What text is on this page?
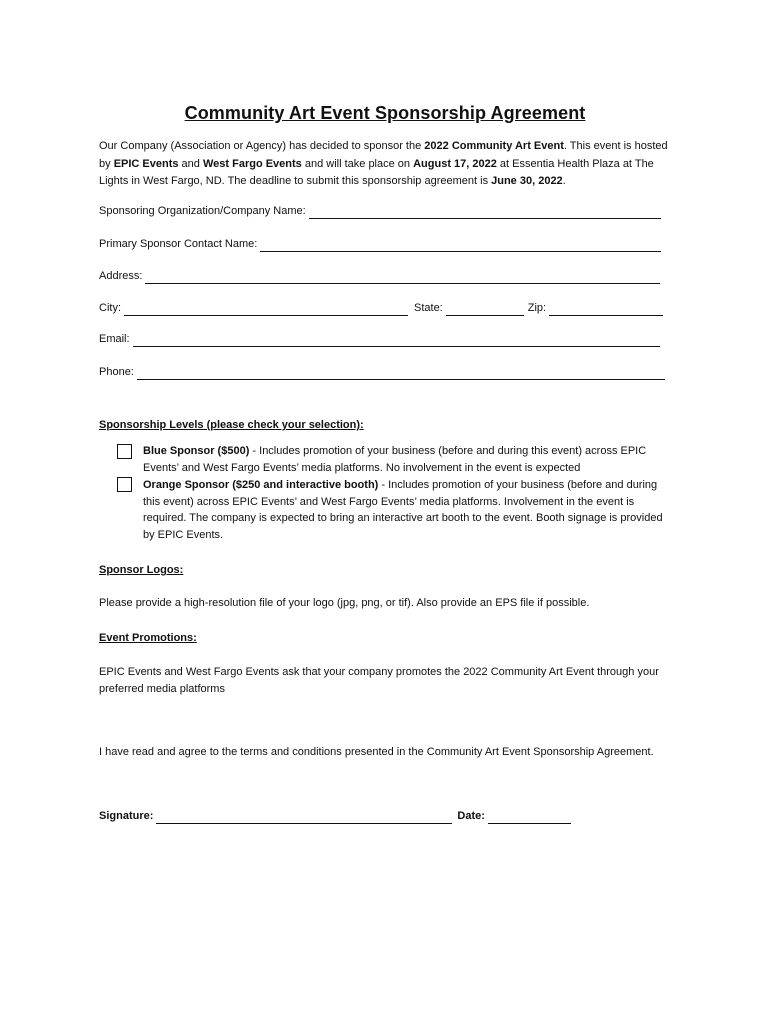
Community Art Event Sponsorship Agreement
Our Company (Association or Agency) has decided to sponsor the 2022 Community Art Event. This event is hosted by EPIC Events and West Fargo Events and will take place on August 17, 2022 at Essentia Health Plaza at The Lights in West Fargo, ND. The deadline to submit this sponsorship agreement is June 30, 2022.
Sponsoring Organization/Company Name:
Primary Sponsor Contact Name:
Address:
City:	State:	Zip:
Email:
Phone:
Sponsorship Levels (please check your selection):
Blue Sponsor ($500) - Includes promotion of your business (before and during this event) across EPIC Events’ and West Fargo Events’ media platforms. No involvement in the event is expected
Orange Sponsor ($250 and interactive booth) - Includes promotion of your business (before and during this event) across EPIC Events’ and West Fargo Events’ media platforms. Involvement in the event is required. The company is expected to bring an interactive art booth to the event. Booth signage is provided by EPIC Events.
Sponsor Logos:
Please provide a high-resolution file of your logo (jpg, png, or tif). Also provide an EPS file if possible.
Event Promotions:
EPIC Events and West Fargo Events ask that your company promotes the 2022 Community Art Event through your preferred media platforms
I have read and agree to the terms and conditions presented in the Community Art Event Sponsorship Agreement.
Signature:	Date:
